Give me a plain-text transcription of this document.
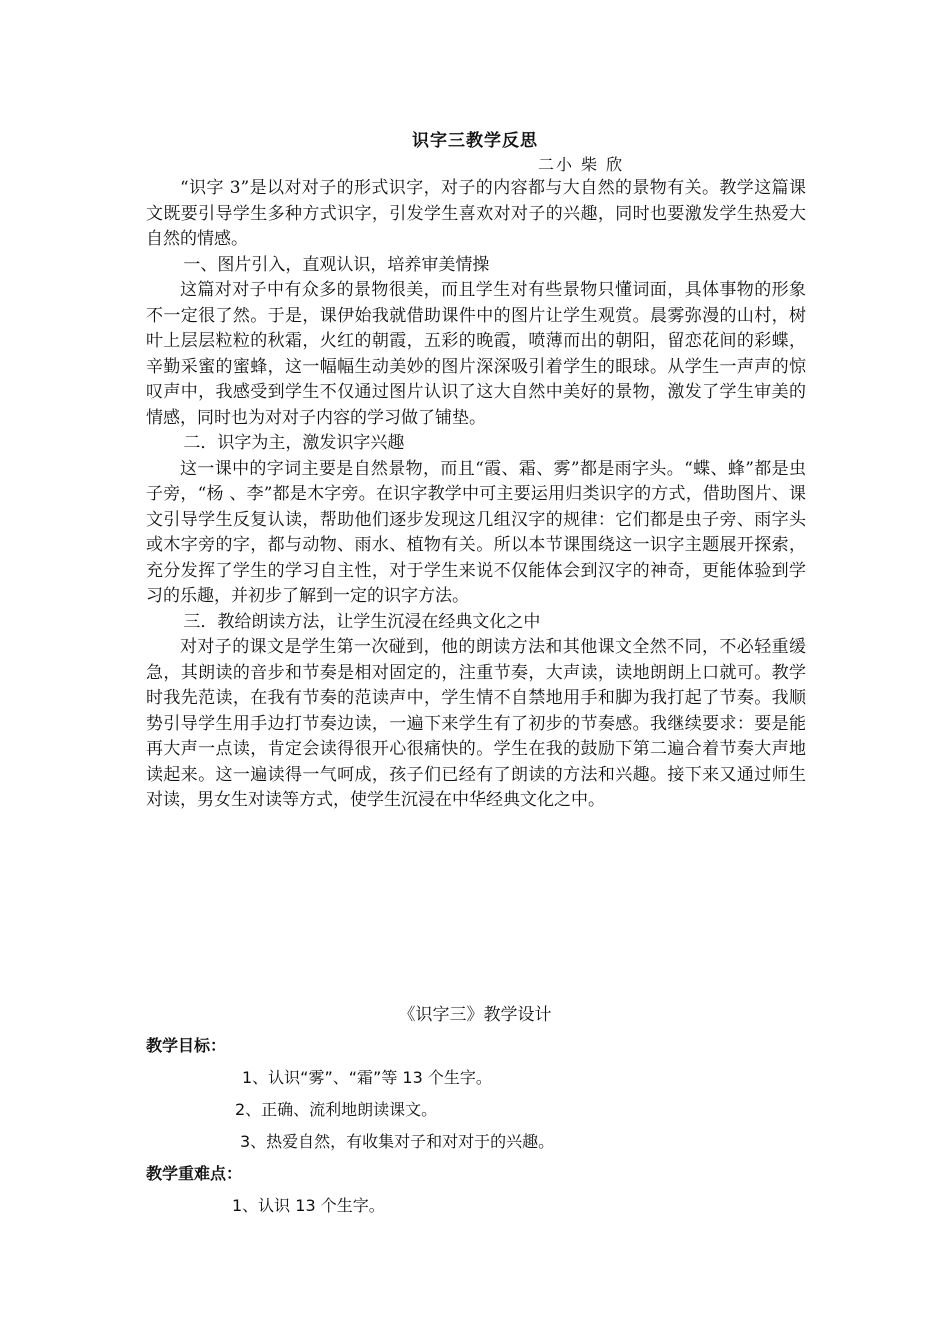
识字三教学反思
二小 柴 欣

“识字 3”是以对对子的形式识字，对子的内容都与大自然的景物有关。教学这篇课文既要引导学生多种方式识字，引发学生喜欢对对子的兴趣，同时也要激发学生热爱大自然的情感。

一、图片引入，直观认识，培养审美情操

这篇对对子中有众多的景物很美，而且学生对有些景物只懂词面，具体事物的形象不一定很了然。于是，课伊始我就借助课件中的图片让学生观赏。晨雾弥漫的山村，树叶上层层粒粒的秋霜，火红的朝霞，五彩的晚霞，喷薄而出的朝阳，留恋花间的彩蝶，辛勤采蜜的蜜蜂，这一幅幅生动美妙的图片深深吸引着学生的眼球。从学生一声声的惊叹声中，我感受到学生不仅通过图片认识了这大自然中美好的景物，激发了学生审美的情感，同时也为对对子内容的学习做了铺垫。

二．识字为主，激发识字兴趣

这一课中的字词主要是自然景物，而且“霞、霜、雾”都是雨字头。“蝶、蜂”都是虫子旁，“杨 、李”都是木字旁。在识字教学中可主要运用归类识字的方式，借助图片、课文引导学生反复认读，帮助他们逐步发现这几组汉字的规律：它们都是虫子旁、雨字头或木字旁的字，都与动物、雨水、植物有关。所以本节课围绕这一识字主题展开探索，充分发挥了学生的学习自主性，对于学生来说不仅能体会到汉字的神奇，更能体验到学习的乐趣，并初步了解到一定的识字方法。

三．教给朗读方法，让学生沉浸在经典文化之中

对对子的课文是学生第一次碰到，他的朗读方法和其他课文全然不同，不必轻重缓急，其朗读的音步和节奏是相对固定的，注重节奏，大声读，读地朗朗上口就可。教学时我先范读，在我有节奏的范读声中，学生情不自禁地用手和脚为我打起了节奏。我顺势引导学生用手边打节奏边读，一遍下来学生有了初步的节奏感。我继续要求：要是能再大声一点读，肯定会读得很开心很痛快的。学生在我的鼓励下第二遍合着节奏大声地读起来。这一遍读得一气呵成，孩子们已经有了朗读的方法和兴趣。接下来又通过师生对读，男女生对读等方式，使学生沉浸在中华经典文化之中。

《识字三》教学设计
教学目标：
1、认识“雾”、“霜”等 13 个生字。
2、正确、流利地朗读课文。
3、热爱自然，有收集对子和对对于的兴趣。
教学重难点：
1、认识 13 个生字。
